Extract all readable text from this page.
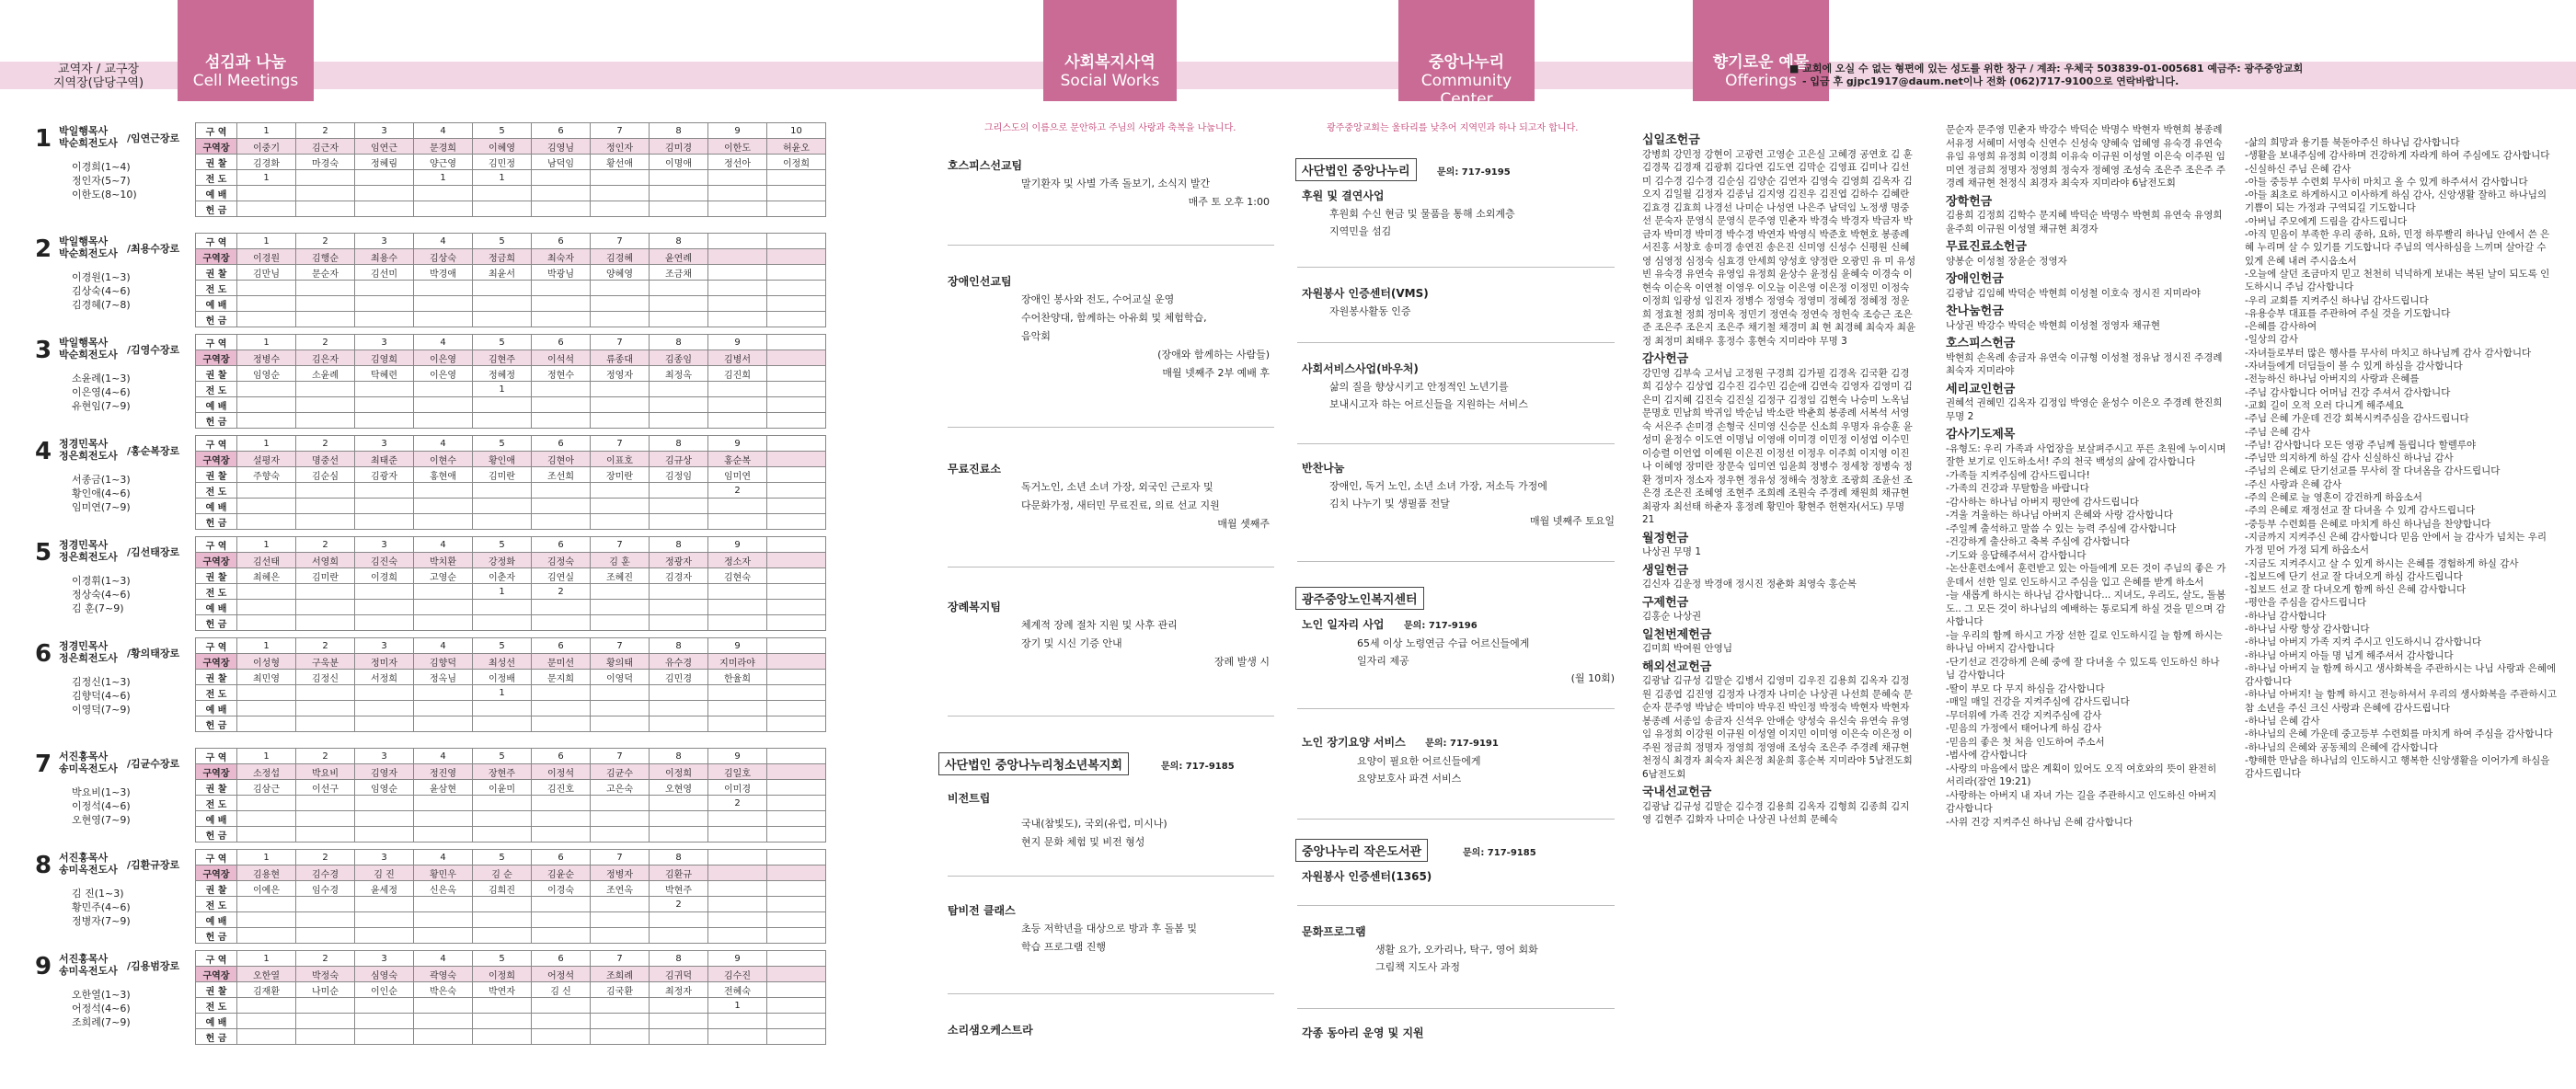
교역자 / 교구장
지역장(담당구역)
섬김과 나눔
Cell Meetings
사회복지사역
Social Works
중앙나누리
Community Center
향기로운 예물
Offerings
■ 교회에 오실 수 없는 형편에 있는 성도를 위한 창구 / 계좌: 우체국 503839-01-005681 예금주: 광주중앙교회
- 입금 후 gjpc1917@daum.net이나 전화 (062)717-9100으로 연락바랍니다.
1 박일행목사
박순희전도사 /임연근장로
이경희(1~4)
정인자(5~7)
이한도(8~10)
구 역	1	2	3	4	5	6	7	8	9	10
구역장	이중기	김근자	임연근	문경희	이혜영	김영님	정인자	김미경	이한도	허윤오
권 찰	김경화	마경숙	정혜림	양근영	김민정	남덕임	황선애	이명애	정선아	이정희
전 도	1			1	1					
예 배										
헌 금										
2 박일행목사
박순희전도사 /최용수장로
이경원(1~3)
김상숙(4~6)
김경혜(7~8)
구 역	1	2	3	4	5	6	7	8		
구역장	이경원	김행순	최용수	김상숙	정금희	최숙자	김경혜	윤연례		
권 찰	김만님	문순자	김선미	박경애	최윤서	박광님	양혜영	조금채		
전 도										
예 배										
헌 금										
3 박일행목사
박순희전도사 /김영수장로
소윤례(1~3)
이은영(4~6)
유현임(7~9)
구 역	1	2	3	4	5	6	7	8	9	
구역장	정병수	김은자	김영희	이은영	김현주	이석석	류종대	김종임	김병서	
권 찰	임영순	소윤례	탁혜련	이은영	정혜정	정현수	정영자	최정옥	김진희	
전 도					1					
예 배										
헌 금										
4 정경민목사
정은희전도사 /홍순복장로
서종금(1~3)
황인애(4~6)
임미연(7~9)
구 역	1	2	3	4	5	6	7	8	9	
구역장	설평자	명중선	최태준	이현수	황인애	김현아	이표호	김규상	홍순복	
권 찰	주향숙	김순심	김광자	홍현애	김미란	조선희	장미란	김정임	임미연	
전 도									2	
예 배										
헌 금										
5 정경민목사
정은희전도사 /김선태장로
이경휘(1~3)
정상숙(4~6)
김 훈(7~9)
구 역	1	2	3	4	5	6	7	8	9	
구역장	김선태	서영희	김진숙	박치환	강정화	김정숙	김 훈	정광자	정소자	
권 찰	최혜은	김미란	이경희	고영순	이춘자	김연실	조혜진	김경자	김현숙	
전 도					1	2				
예 배										
헌 금										
6 정경민목사
정은희전도사 /황의태장로
김정신(1~3)
김향덕(4~6)
이영덕(7~9)
구 역	1	2	3	4	5	6	7	8	9	
구역장	이성형	구욱분	정미자	김향덕	최성선	문미선	황의태	유수경	지미라야	
권 찰	최민영	김정신	서정희	정옥님	이정배	문지희	이영덕	김민경	한율희	
전 도					1					
예 배										
헌 금										
7 서진홍목사
송미옥전도사 /김균수장로
박요비(1~3)
이정석(4~6)
오현영(7~9)
구 역	1	2	3	4	5	6	7	8	9	
구역장	소정섭	박요비	김영자	정진영	장현주	이정석	김균수	이정희	김일호	
권 찰	김삼근	이선구	임영순	윤삼현	이윤미	김진호	고은숙	오현영	이미경	
전 도									2	
예 배										
헌 금										
8 서진홍목사
송미옥전도사 /김환규장로
김 진(1~3)
황민주(4~6)
정병자(7~9)
구 역	1	2	3	4	5	6	7	8		
구역장	김용현	김수경	김 진	황민우	김 순	김윤순	정병자	김환규		
권 찰	이예은	임수경	윤세정	신은옥	김희진	이경숙	조연옥	박현주		
전 도								2		
예 배										
헌 금										
9 서진홍목사
송미옥전도사 /김용범장로
오한열(1~3)
어정석(4~6)
조희례(7~9)
구 역	1	2	3	4	5	6	7	8	9	
구역장	오한열	박정숙	심영숙	곽영숙	이정희	어정석	조희례	김귀덕	김수진	
권 찰	김재환	나미순	이인순	박은숙	박연자	김 신	김국환	최정자	전혜숙	
전 도									1	
예 배										
헌 금										
그리스도의 이름으로 문안하고 주님의 사랑과 축복을 나눕니다.
호스피스선교팀
말기환자 및 사별 가족 돌보기, 소식지 발간
매주 토 오후 1:00
장애인선교팀
장애인 봉사와 전도, 수어교실 운영
수어찬양대, 함께하는 아유회 및 체험학습,
음악회
(장애와 함께하는 사람들)
매월 넷째주 2부 예배 후
무료진료소
독거노인, 소년 소녀 가장, 외국인 근로자 및
다문화가정, 새터민 무료진료, 의료 선교 지원
매월 셋째주
장례복지팀
체계적 장례 절차 지원 및 사후 관리
장기 및 시신 기증 안내
장례 발생 시
사단법인 중앙나누리청소년복지회	문의: 717-9185
비전트립
국내(참빛도), 국외(유럽, 미시나)
현지 문화 체험 및 비전 형성
탐비전 클래스
초등 저학년을 대상으로 방과 후 돌봄 및
학습 프로그램 진행
소리샘오케스트라
광주중앙교회는 울타리를 낮추어 지역민과 하나 되고자 합니다.
사단법인 중앙나누리	문의: 717-9195
후원 및 결연사업
후원회 수신 현금 및 물품을 통해 소외계층
지역민을 섬김
자원봉사 인증센터(VMS)
자원봉사활동 인증
사회서비스사업(바우처)
삶의 질을 향상시키고 안정적인 노년기를
보내시고자 하는 어르신들을 지원하는 서비스
반찬나눔
장애인, 독거 노인, 소년 소녀 가장, 저소득 가정에
김치 나누기 및 생필품 전달
매월 넷째주 토요일
광주중앙노인복지센터
노인 일자리 사업 문의: 717-9196
65세 이상 노령연금 수급 어르신들에게
일자리 제공
(월 10회)
노인 장기요양 서비스 문의: 717-9191
요양이 필요한 어르신들에게
요양보호사 파견 서비스
중앙나누리 작은도서관	문의: 717-9185
자원봉사 인증센터(1365)
문화프로그램
생활 요가, 오카리나, 탁구, 영어 회화
그림책 지도사 과정
각종 동아리 운영 및 지원
십일조헌금
강병희 강민정 강현이 고광련 고영순 고은실 고혜경 공연호 김 훈 김경묵 김경재 김광휘 김다연 김도연 김막순 김영표 김미나 김선미 김수경 김수경 김순심 김양순 김연자 김영숙 김영희 김옥자 김오지 김일월 김정자 김종님 김지영 김진우 김진엽 김하수 김혜란 김효경 김효희 나경선 나미순 나성연 나은주 남덕임 노정생 명중선 문숙자 문영식 문영식 문주영 민춘자 박경숙 박경자 박금자 박금자 박미경 박미경 박수경 박연자 박영식 박준호 박현호 봉종례 서진홍 서창호 송미경 송연진 송은진 신미영 신성수 신평원 신혜영 심영정 심정숙 심효경 안세희 양성호 양정란 오광민 유 미 유성빈 유숙경 유연숙 유영임 유정희 윤상수 윤정심 윤혜숙 이경숙 이현숙 이순옥 이연철 이영우 이오늘 이은영 이은정 이정민 이정숙 이정희 임광성 임진자 정병수 정영숙 정영미 정혜정 정혜정 정운희 정효철 정희 정미옥 정민기 정연숙 정연숙 정헌숙 조승근 조은준 조은주 조은지 조은주 채기철 채경미 최 현 최경혜 최숙자 최윤정 최정미 최태우 홍정수 홍현숙 지미라야 무명 3
감사헌금
강민영 김부숙 고서님 고정원 구경희 김가필 김경옥 김국환 김경희 김상수 김상엽 김수진 김수민 김순애 김연숙 김영자 김영미 김은미 김지혜 김진숙 김진실 김정구 김정임 김현숙 나승미 노옥님 문명호 민남희 박귀임 박순님 박소란 박춘희 봉종례 서복석 서영숙 서은주 손미경 손형국 신미영 신승문 신소희 우명자 유승훈 윤성미 윤정수 이도연 이명님 이영애 이미경 이민정 이성엽 이수민 이승렬 이언엽 이예원 이은진 이정선 이정우 이주희 이지영 이진나 이혜영 장미란 장문숙 임미연 임윤희 정병수 정세창 정병숙 정 환 정미자 정소자 정우현 정유성 정해숙 정창호 조광희 조윤선 조은경 조은진 조혜영 조현주 조희례 조원숙 주경례 채원희 채규현 최광자 최선태 하춘자 홍정례 황민아 황현주 헌현자(서도) 무명 21
월정헌금
나상권 무명 1
생일헌금
김신자 김운정 박경애 정시진 정춘화 최영숙 홍순복
구제헌금
김홍순 나상권
일천번제헌금
김미희 박여원 안영님
해외선교헌금
김광남 김규성 김말순 김병서 김영미 김우진 김용희 김옥자 김정원 김종엽 김진영 김정자 나경자 나미순 나상권 나선희 문혜숙 문순자 문주영 박남순 박미야 박우진 박인정 박정숙 박현자 박현자 봉종례 서종임 송금자 신석우 안애순 양성숙 유신숙 유연숙 유영임 유정희 이강원 이규원 이성열 이지민 이미영 이은숙 이은정 이주원 정금희 정명자 정영희 정영애 조성숙 조은주 주경례 채규현 천정식 최경자 최숙자 최은정 최윤희 홍순복 지미라야 5남전도회 6남전도회
국내선교헌금
김광남 김규성 김말순 김수경 김용희 김옥자 김형희 김종희 김지영 김현주 김화자 나미순 나상권 나선희 문혜숙
문순자 문주영 민춘자 박강수 박덕순 박명수 박현자 박현희 봉종례 서유정 서혜미 서영숙 신연수 신성숙 양혜숙 엄혜영 유숙경 유연숙 유임 유영희 유정희 이경희 이유숙 이규원 이성열 이은숙 이주원 임미연 정금희 정명자 정영희 정숙자 정혜영 조성숙 조은주 조은주 주경례 채규현 천정식 최경자 최숙자 지미라야 6남전도회
장학헌금
김용희 김정희 김학수 문지혜 박덕순 박명수 박현희 유연숙 유영희 윤주희 이규원 이성열 채규현 최경자
무료진료소헌금
양봉순 이성철 장윤순 정영자
장애인헌금
김광남 김임혜 박덕순 박현희 이성철 이호숙 정시진 지미라야
찬나눔헌금
나상권 박강수 박덕순 박현희 이성철 정영자 채규현
호스피스헌금
박현희 손옥례 송금자 유연숙 이규형 이성철 정유남 정시진 주경례 최숙자 지미라야
세리교인헌금
권혜석 권혜민 김옥자 김정임 박영순 윤성수 이은오 주경례 한진희 무명 2
감사기도제목
-유형도: 우리 가족과 사업장을 보살펴주시고 푸른 초원에 누이시며 잘한 보기로 인도하소서! 주의 천국 백성의 삶에 감사합니다
-가족들 지켜주심에 감사드립니다!
-가족의 건강과 무탈함을 바랍니다
-감사하는 하나님 아버지 평안에 감사드립니다
-겨울 겨울하는 하나님 아버지 은혜와 사랑 감사합니다
-주일께 출석하고 말씀 수 있는 능력 주심에 감사합니다
-건강하게 출산하고 축복 주심에 감사합니다
-기도와 응답해주셔서 감사합니다
-논산훈련소에서 훈련받고 있는 아들에게 모든 것이 주님의 좋은 가운데서 선한 일로 인도하시고 주심을 입고 은혜를 받게 하소서
-늘 새롭게 하시는 하나님 감사합니다... 지녀도, 우리도, 살도, 돌봄도.. 그 모든 것이 하나님의 예배하는 통로되게 하실 것을 믿으며 감사합니다
-늘 우리의 함께 하시고 가장 선한 길로 인도하시길 늘 함께 하시는 하나님 아버지 감사합니다
-단기선교 건강하게 은혜 중에 잘 다녀올 수 있도록 인도하신 하나님 감사합니다
-딸이 부모 다 무지 하심을 감사합니다
-매일 매일 건강을 지켜주심에 감사드립니다
-무더위에 가족 건강 지켜주심에 감사
-믿음의 가정에서 태어나게 하심 감사
-믿음의 좋은 첫 처음 인도하여 주소서
-범사에 감사합니다
-사랑의 마음에서 많은 계획이 있어도 오직 여호와의 뜻이 완전히 서리라(잠언 19:21)
-사랑하는 아버지 내 자녀 가는 길을 주관하시고 인도하신 아버지 감사합니다
-사위 건강 지켜주신 하나님 은혜 감사합니다
-삶의 희망과 용기를 북돋아주신 하나님 감사합니다
-생활을 보내주심에 감사하며 건강하게 자라게 하여 주심에도 감사합니다
-신실하신 주님 은혜 감사
-아들 중등부 수련회 무사히 마치고 올 수 있게 하주셔서 감사합니다
-아들 최초로 하게하시고 이사하게 하심 감사, 신앙생활 잘하고 하나님의 기쁨이 되는 가정과 구역되길 기도합니다
-아버님 주모에게 드림을 감사드립니다
-아직 믿음이 부족한 우리 종하, 요하, 민정 하루빨리 하나님 안에서 쓴 은혜 누리며 살 수 있기를 기도합니다 주님의 역사하심을 느끼며 살아갈 수 있게 은혜 내려 주시옵소서
-오늘에 살던 조금마지 믿고 천천히 넉넉하게 보내는 복된 날이 되도록 인도하시니 주님 감사합니다
-우리 교회를 지켜주신 하나님 감사드립니다
-유용승부 대표를 주관하여 주실 것을 기도합니다
-은혜를 감사하여
-일상의 감사
-자녀들로부터 많은 행사를 무사히 마치고 하나님께 감사 감사합니다
-자녀들에게 더딤들이 볼 수 있게 하심을 감사합니다
-전능하신 하나님 아버지의 사랑과 은혜를
-주님 감사합니다 어머님 건강 주셔서 감사합니다
-교회 길이 오적 오러 다니게 해주세요
-주님 은혜 가운데 건강 회복시켜주심을 감사드립니다
-주님 은혜 감사
-주님! 감사합니다 모든 영광 주님께 돌립니다 할렐루야
-주님만 의지하게 하실 감사 신실하신 하나님 감사
-주님의 은혜로 단기선교를 무사히 잘 다녀옴을 감사드립니다
-주신 사랑과 은혜 감사
-주의 은혜로 늘 영혼이 강건하게 하옵소서
-주의 은혜로 재정선교 잘 다녀올 수 있게 감사드립니다
-중등부 수련회를 은혜로 마치게 하신 하나님을 찬양합니다
-지금까지 지켜주신 은혜 감사합니다 믿음 안에서 늘 감사가 넘치는 우리 가정 믿어 가정 되게 하옵소서
-지금도 지켜주시고 살 수 있게 하시는 은혜를 경험하게 하실 감사
-칩보드에 단기 선교 잘 다녀오게 하심 감사드립니다
-칩보드 선교 잘 다녀오게 함께 하신 은혜 감사합니다
-평안을 주심을 감사드립니다
-하나님 감사합니다
-하나님 사랑 항상 감사합니다
-하나님 아버지 가족 지켜 주시고 인도하시니 감사합니다
-하나님 아버지 아들 명 넘게 해주셔서 감사합니다
-하나님 아버지 늘 함께 하시고 생사화복을 주관하시는 나님 사랑과 은혜에 감사합니다
-하나님 아버지! 늘 함께 하시고 전능하셔서 우리의 생사화복을 주관하시고 참 소년을 주신 크신 사랑과 은혜에 감사드립니다
-하나님 은혜 감사
-하나님의 은혜 가운데 중고등부 수련회를 마치게 하여 주심을 감사합니다
-하나님의 은혜와 공동체의 은혜에 감사합니다
-향해한 만남을 하나님의 인도하시고 행복한 신앙생활을 이어가게 하심을 감사드립니다
